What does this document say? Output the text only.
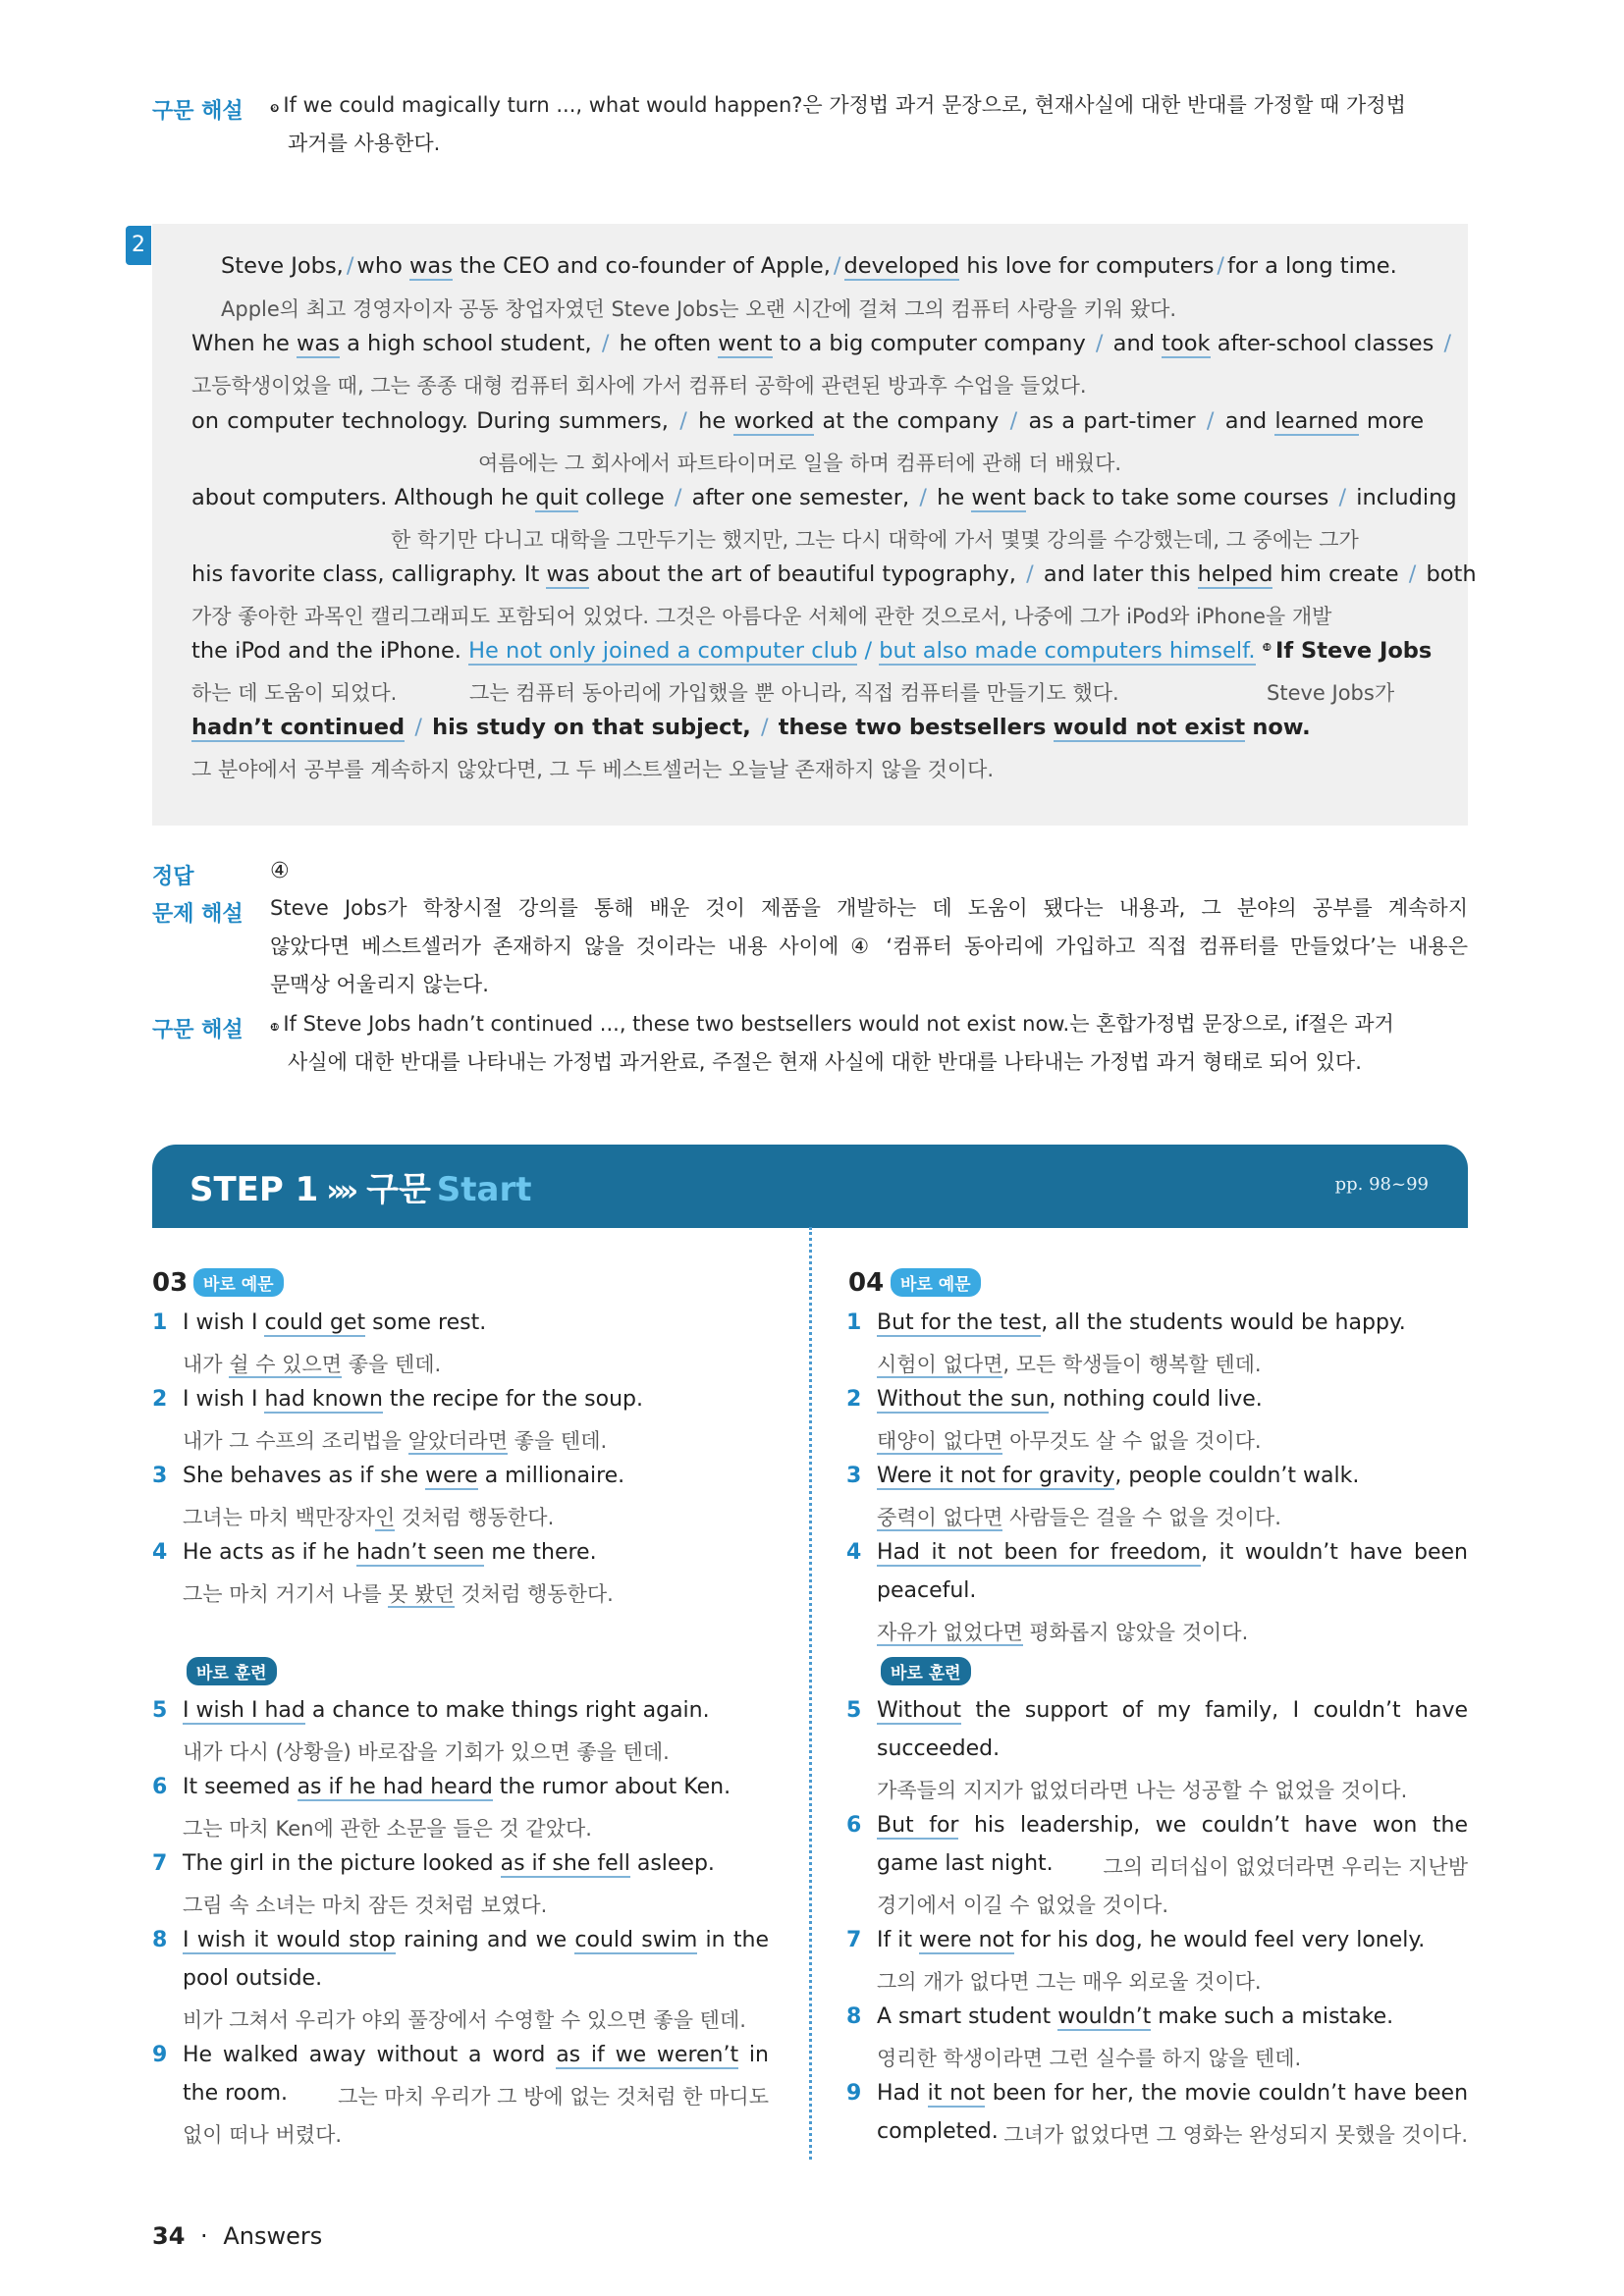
구문 해설 $^❾$ If we could magically turn ..., what would happen?은 가정법 과거 문장으로, 현재사실에 대한 반대를 가정할 때 가정법
과거를 사용한다.
2
Steve Jobs, / who was the CEO and co-founder of Apple, / developed his love for computers / for a long time.
Apple의 최고 경영자이자 공동 창업자였던 Steve Jobs는 오랜 시간에 걸쳐 그의 컴퓨터 사랑을 키워 왔다.
When he was a high school student, / he often went to a big computer company / and took after-school classes /
고등학생이었을 때, 그는 종종 대형 컴퓨터 회사에 가서 컴퓨터 공학에 관련된 방과후 수업을 들었다.
on computer technology. During summers, / he worked at the company / as a part-timer / and learned more
여름에는 그 회사에서 파트타이머로 일을 하며 컴퓨터에 관해 더 배웠다.
about computers. Although he quit college / after one semester, / he went back to take some courses / including
한 학기만 다니고 대학을 그만두기는 했지만, 그는 다시 대학에 가서 몇몇 강의를 수강했는데, 그 중에는 그가
his favorite class, calligraphy. It was about the art of beautiful typography, / and later this helped him create / both
가장 좋아한 과목인 캘리그래피도 포함되어 있었다. 그것은 아름다운 서체에 관한 것으로서, 나중에 그가 iPod와 iPhone을 개발
the iPod and the iPhone. He not only joined a computer club / but also made computers himself. $^❿$ If Steve Jobs
하는 데 도움이 되었다.	그는 컴퓨터 동아리에 가입했을 뿐 아니라, 직접 컴퓨터를 만들기도 했다.	Steve Jobs가
hadn’t continued / his study on that subject, / these two bestsellers would not exist now.
그 분야에서 공부를 계속하지 않았다면, 그 두 베스트셀러는 오늘날 존재하지 않을 것이다.
정답	④
문제 해설 Steve Jobs가 학창시절 강의를 통해 배운 것이 제품을 개발하는 데 도움이 됐다는 내용과, 그 분야의 공부를 계속하지
않았다면 베스트셀러가 존재하지 않을 것이라는 내용 사이에 ④ ‘컴퓨터 동아리에 가입하고 직접 컴퓨터를 만들었다’는 내용은
문맥상 어울리지 않는다.
구문 해설 $^❿$ If Steve Jobs hadn’t continued ..., these two bestsellers would not exist now.는 혼합가정법 문장으로, if절은 과거
사실에 대한 반대를 나타내는 가정법 과거완료, 주절은 현재 사실에 대한 반대를 나타내는 가정법 과거 형태로 되어 있다.
STEP 1 »» 구문 Start	pp. 98~99
03 바로 예문
1 I wish I could get some rest.
내가 쉴 수 있으면 좋을 텐데.
2 I wish I had known the recipe for the soup.
내가 그 수프의 조리법을 알았더라면 좋을 텐데.
3 She behaves as if she were a millionaire.
그녀는 마치 백만장자인 것처럼 행동한다.
4 He acts as if he hadn’t seen me there.
그는 마치 거기서 나를 못 봤던 것처럼 행동한다.
5 I wish I had a chance to make things right again.
내가 다시 (상황을) 바로잡을 기회가 있으면 좋을 텐데.
6 It seemed as if he had heard the rumor about Ken.
그는 마치 Ken에 관한 소문을 들은 것 같았다.
7 The girl in the picture looked as if she fell asleep.
그림 속 소녀는 마치 잠든 것처럼 보였다.
8 I wish it would stop raining and we could swim in the
pool outside.
비가 그쳐서 우리가 야외 풀장에서 수영할 수 있으면 좋을 텐데.
9 He walked away without a word as if we weren’t in
the room.	그는 마치 우리가 그 방에 없는 것처럼 한 마디도
없이 떠나 버렸다.
04 바로 예문
1 But for the test, all the students would be happy.
시험이 없다면, 모든 학생들이 행복할 텐데.
2 Without the sun, nothing could live.
태양이 없다면 아무것도 살 수 없을 것이다.
3 Were it not for gravity, people couldn’t walk.
중력이 없다면 사람들은 걸을 수 없을 것이다.
4 Had it not been for freedom, it wouldn’t have been
peaceful.
자유가 없었다면 평화롭지 않았을 것이다.
5 Without the support of my family, I couldn’t have
succeeded.
가족들의 지지가 없었더라면 나는 성공할 수 없었을 것이다.
6 But for his leadership, we couldn’t have won the
game last night.	그의 리더십이 없었더라면 우리는 지난밤
경기에서 이길 수 없었을 것이다.
7 If it were not for his dog, he would feel very lonely.
그의 개가 없다면 그는 매우 외로울 것이다.
8 A smart student wouldn’t make such a mistake.
영리한 학생이라면 그런 실수를 하지 않을 텐데.
9 Had it not been for her, the movie couldn’t have been
completed. 그녀가 없었다면 그 영화는 완성되지 못했을 것이다.
바로 훈련	바로 훈련
34 · Answers
